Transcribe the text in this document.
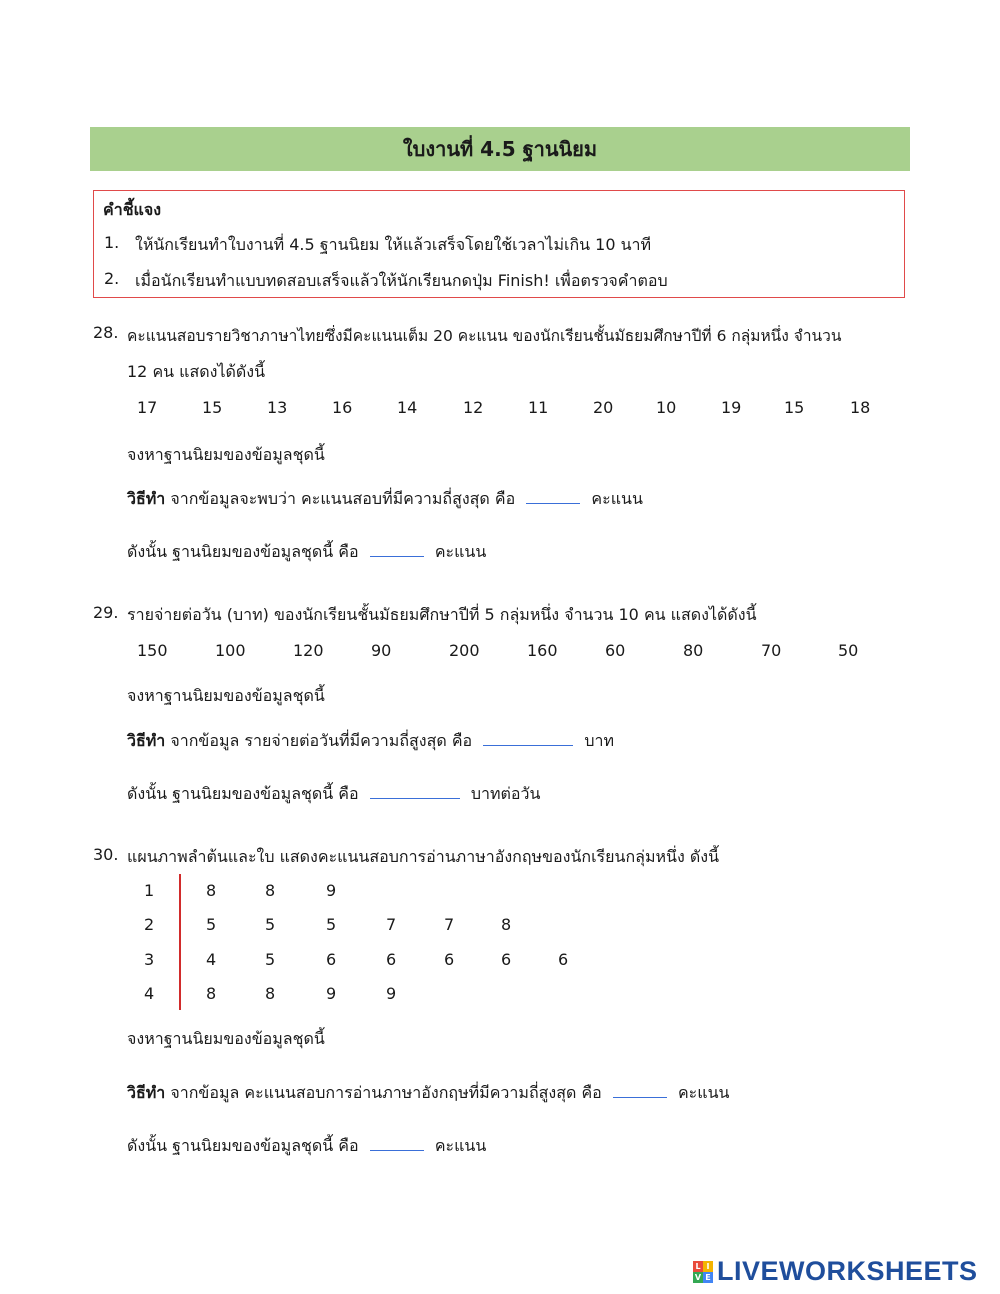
ใบงานที่ 4.5 ฐานนิยม
คำชี้แจง
1. ให้นักเรียนทำใบงานที่ 4.5 ฐานนิยม ให้แล้วเสร็จโดยใช้เวลาไม่เกิน 10 นาที
2. เมื่อนักเรียนทำแบบทดสอบเสร็จแล้วให้นักเรียนกดปุ่ม Finish! เพื่อตรวจคำตอบ
28. คะแนนสอบรายวิชาภาษาไทยซึ่งมีคะแนนเต็ม 20 คะแนน ของนักเรียนชั้นมัธยมศึกษาปีที่ 6 กลุ่มหนึ่ง จำนวน
12 คน แสดงได้ดังนี้
17	15	13	16	14	12	11	20	10	19	15	18
จงหาฐานนิยมของข้อมูลชุดนี้
วิธีทำ จากข้อมูลจะพบว่า คะแนนสอบที่มีความถี่สูงสุด คือ	คะแนน
ดังนั้น ฐานนิยมของข้อมูลชุดนี้ คือ	คะแนน
29. รายจ่ายต่อวัน (บาท) ของนักเรียนชั้นมัธยมศึกษาปีที่ 5 กลุ่มหนึ่ง จำนวน 10 คน แสดงได้ดังนี้
150	100	120	90	200	160	60	80	70	50
จงหาฐานนิยมของข้อมูลชุดนี้
วิธีทำ จากข้อมูล รายจ่ายต่อวันที่มีความถี่สูงสุด คือ	บาท
ดังนั้น ฐานนิยมของข้อมูลชุดนี้ คือ	บาทต่อวัน
30. แผนภาพลำต้นและใบ แสดงคะแนนสอบการอ่านภาษาอังกฤษของนักเรียนกลุ่มหนึ่ง ดังนี้
1	8	8	9
2	5	5	5	7	7	8
3	4	5	6	6	6	6	6
4	8	8	9	9
จงหาฐานนิยมของข้อมูลชุดนี้
วิธีทำ จากข้อมูล คะแนนสอบการอ่านภาษาอังกฤษที่มีความถี่สูงสุด คือ	คะแนน
ดังนั้น ฐานนิยมของข้อมูลชุดนี้ คือ	คะแนน
L I
V E LIVEWORKSHEETS
